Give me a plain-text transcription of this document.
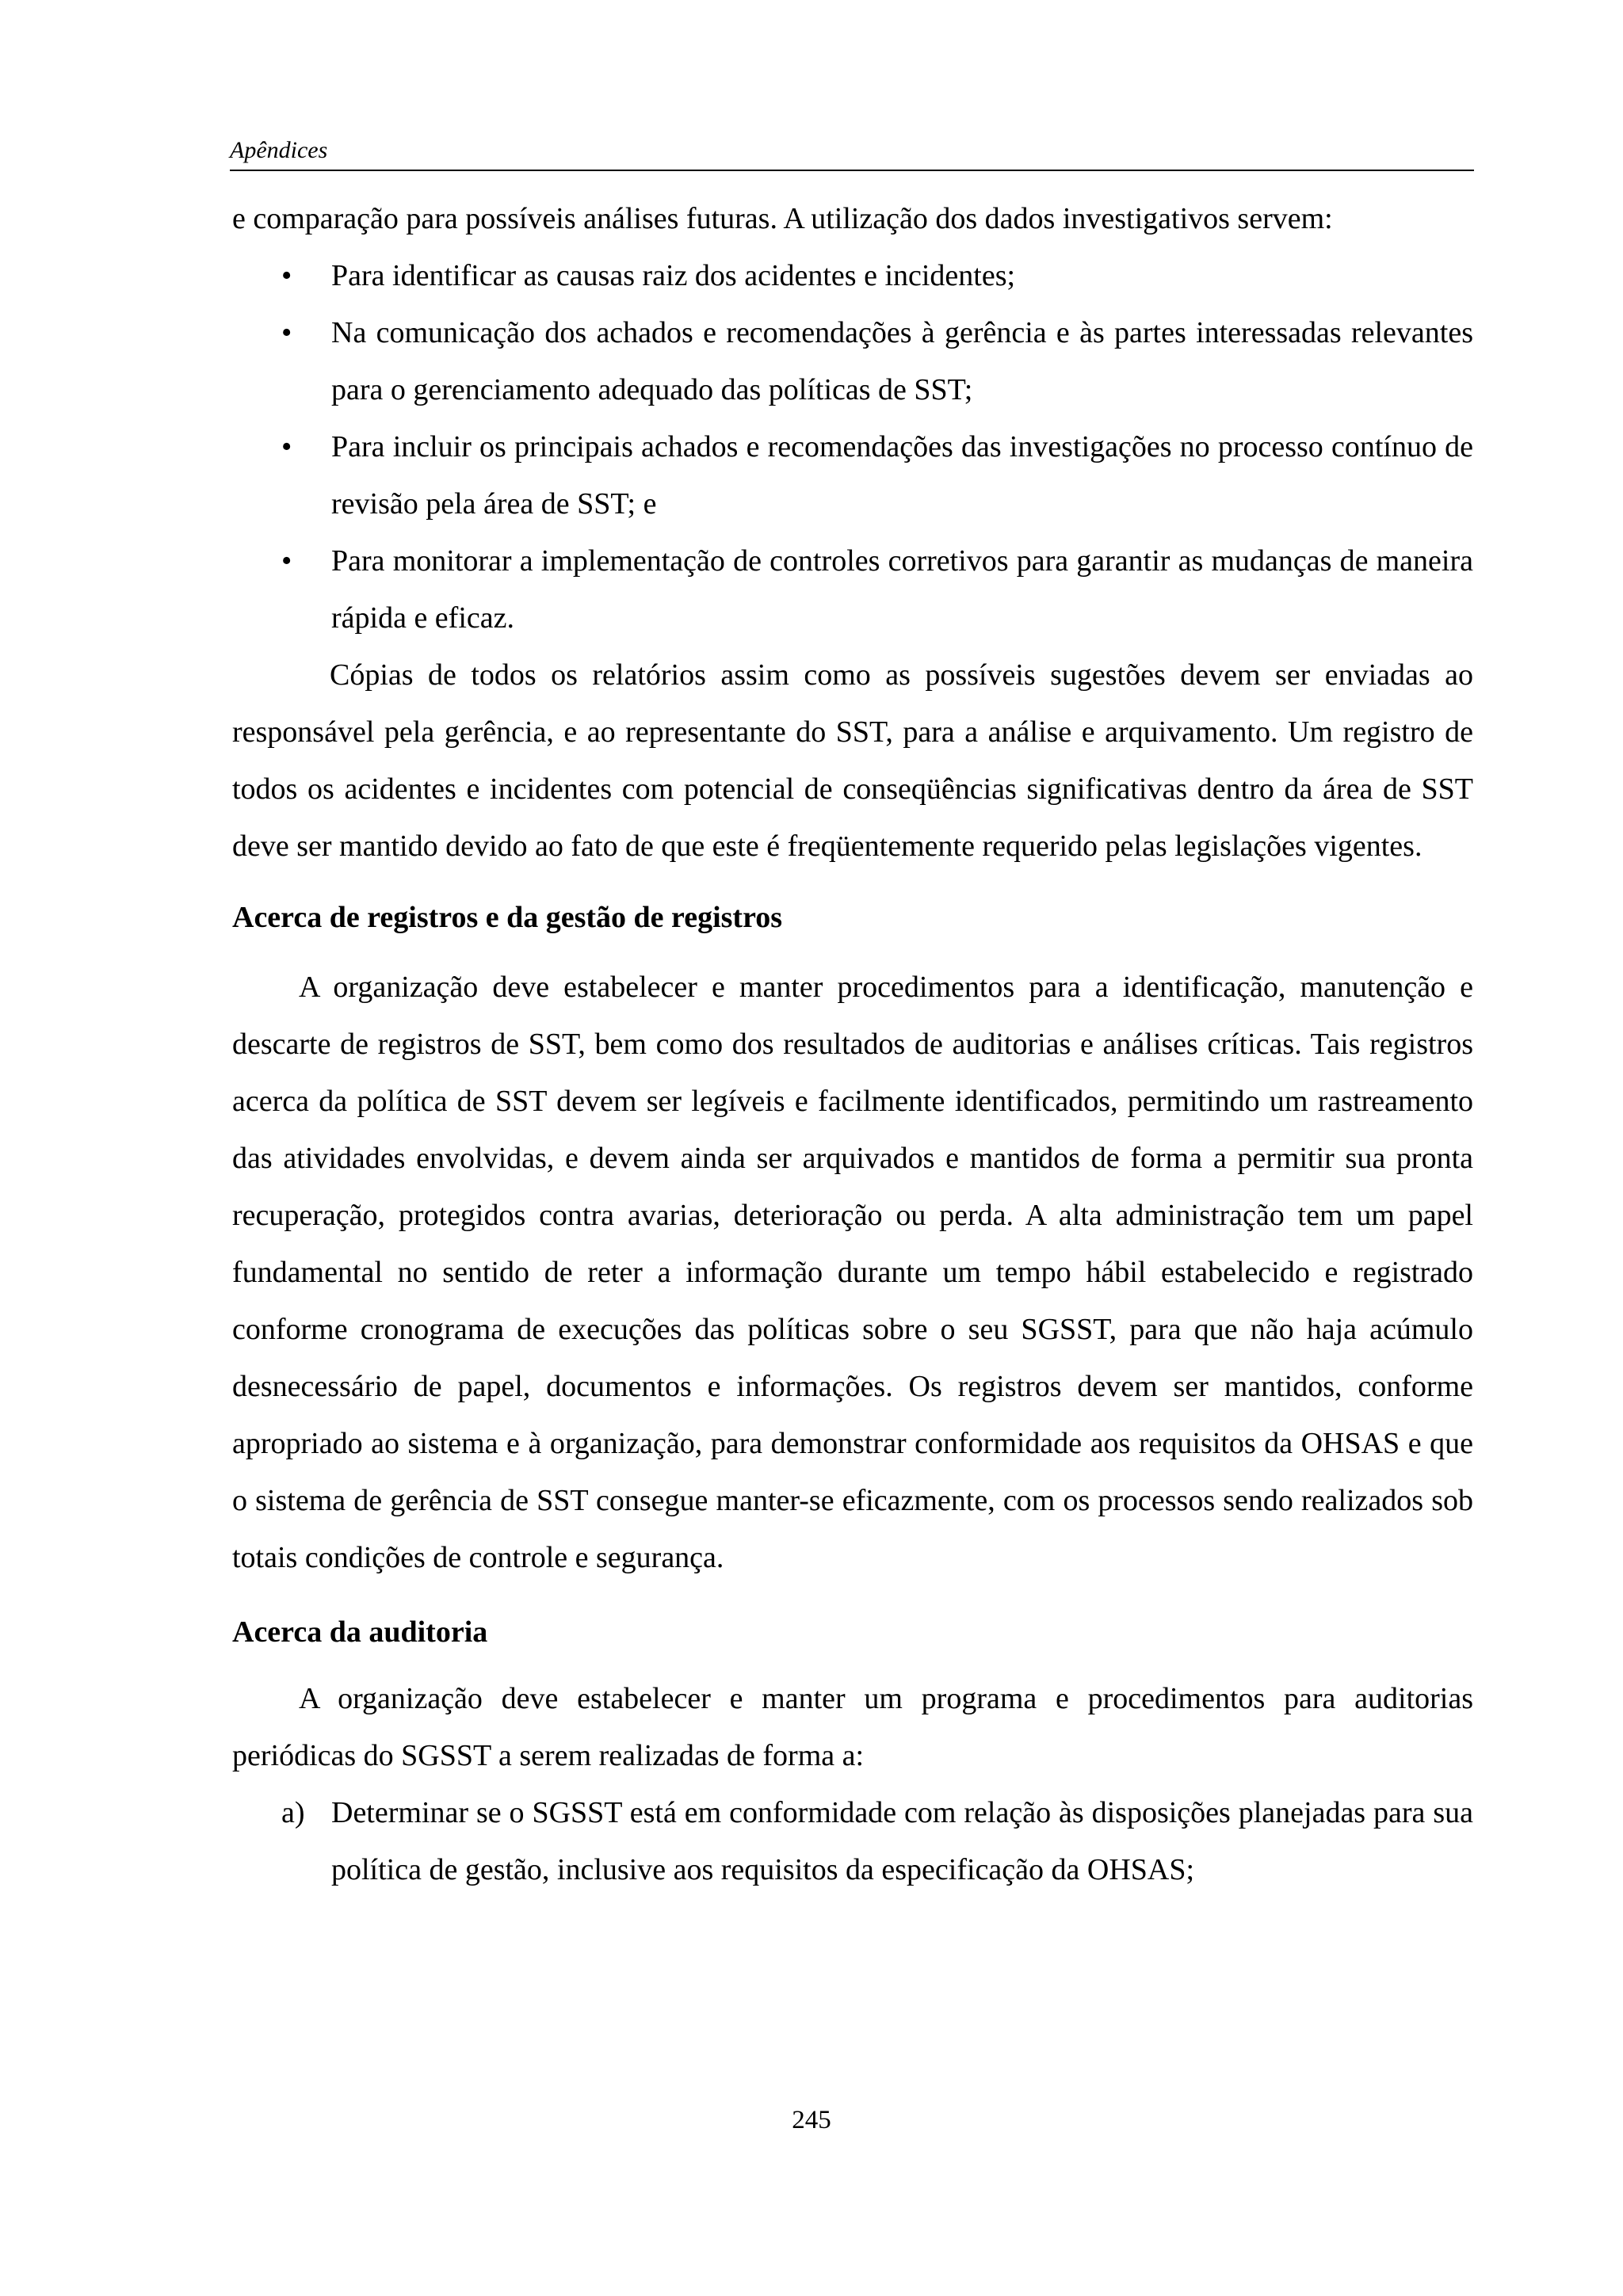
Apêndices

e comparação para possíveis análises futuras. A utilização dos dados investigativos servem:

• Para identificar as causas raiz dos acidentes e incidentes;
• Na comunicação dos achados e recomendações à gerência e às partes interessadas relevantes para o gerenciamento adequado das políticas de SST;
• Para incluir os principais achados e recomendações das investigações no processo contínuo de revisão pela área de SST; e
• Para monitorar a implementação de controles corretivos para garantir as mudanças de maneira rápida e eficaz.

Cópias de todos os relatórios assim como as possíveis sugestões devem ser enviadas ao responsável pela gerência, e ao representante do SST, para a análise e arquivamento. Um registro de todos os acidentes e incidentes com potencial de conseqüências significativas dentro da área de SST deve ser mantido devido ao fato de que este é freqüentemente requerido pelas legislações vigentes.

Acerca de registros e da gestão de registros

A organização deve estabelecer e manter procedimentos para a identificação, manutenção e descarte de registros de SST, bem como dos resultados de auditorias e análises críticas. Tais registros acerca da política de SST devem ser legíveis e facilmente identificados, permitindo um rastreamento das atividades envolvidas, e devem ainda ser arquivados e mantidos de forma a permitir sua pronta recuperação, protegidos contra avarias, deterioração ou perda. A alta administração tem um papel fundamental no sentido de reter a informação durante um tempo hábil estabelecido e registrado conforme cronograma de execuções das políticas sobre o seu SGSST, para que não haja acúmulo desnecessário de papel, documentos e informações. Os registros devem ser mantidos, conforme apropriado ao sistema e à organização, para demonstrar conformidade aos requisitos da OHSAS e que o sistema de gerência de SST consegue manter-se eficazmente, com os processos sendo realizados sob totais condições de controle e segurança.

Acerca da auditoria

A organização deve estabelecer e manter um programa e procedimentos para auditorias periódicas do SGSST a serem realizadas de forma a:

a) Determinar se o SGSST está em conformidade com relação às disposições planejadas para sua política de gestão, inclusive aos requisitos da especificação da OHSAS;
245
